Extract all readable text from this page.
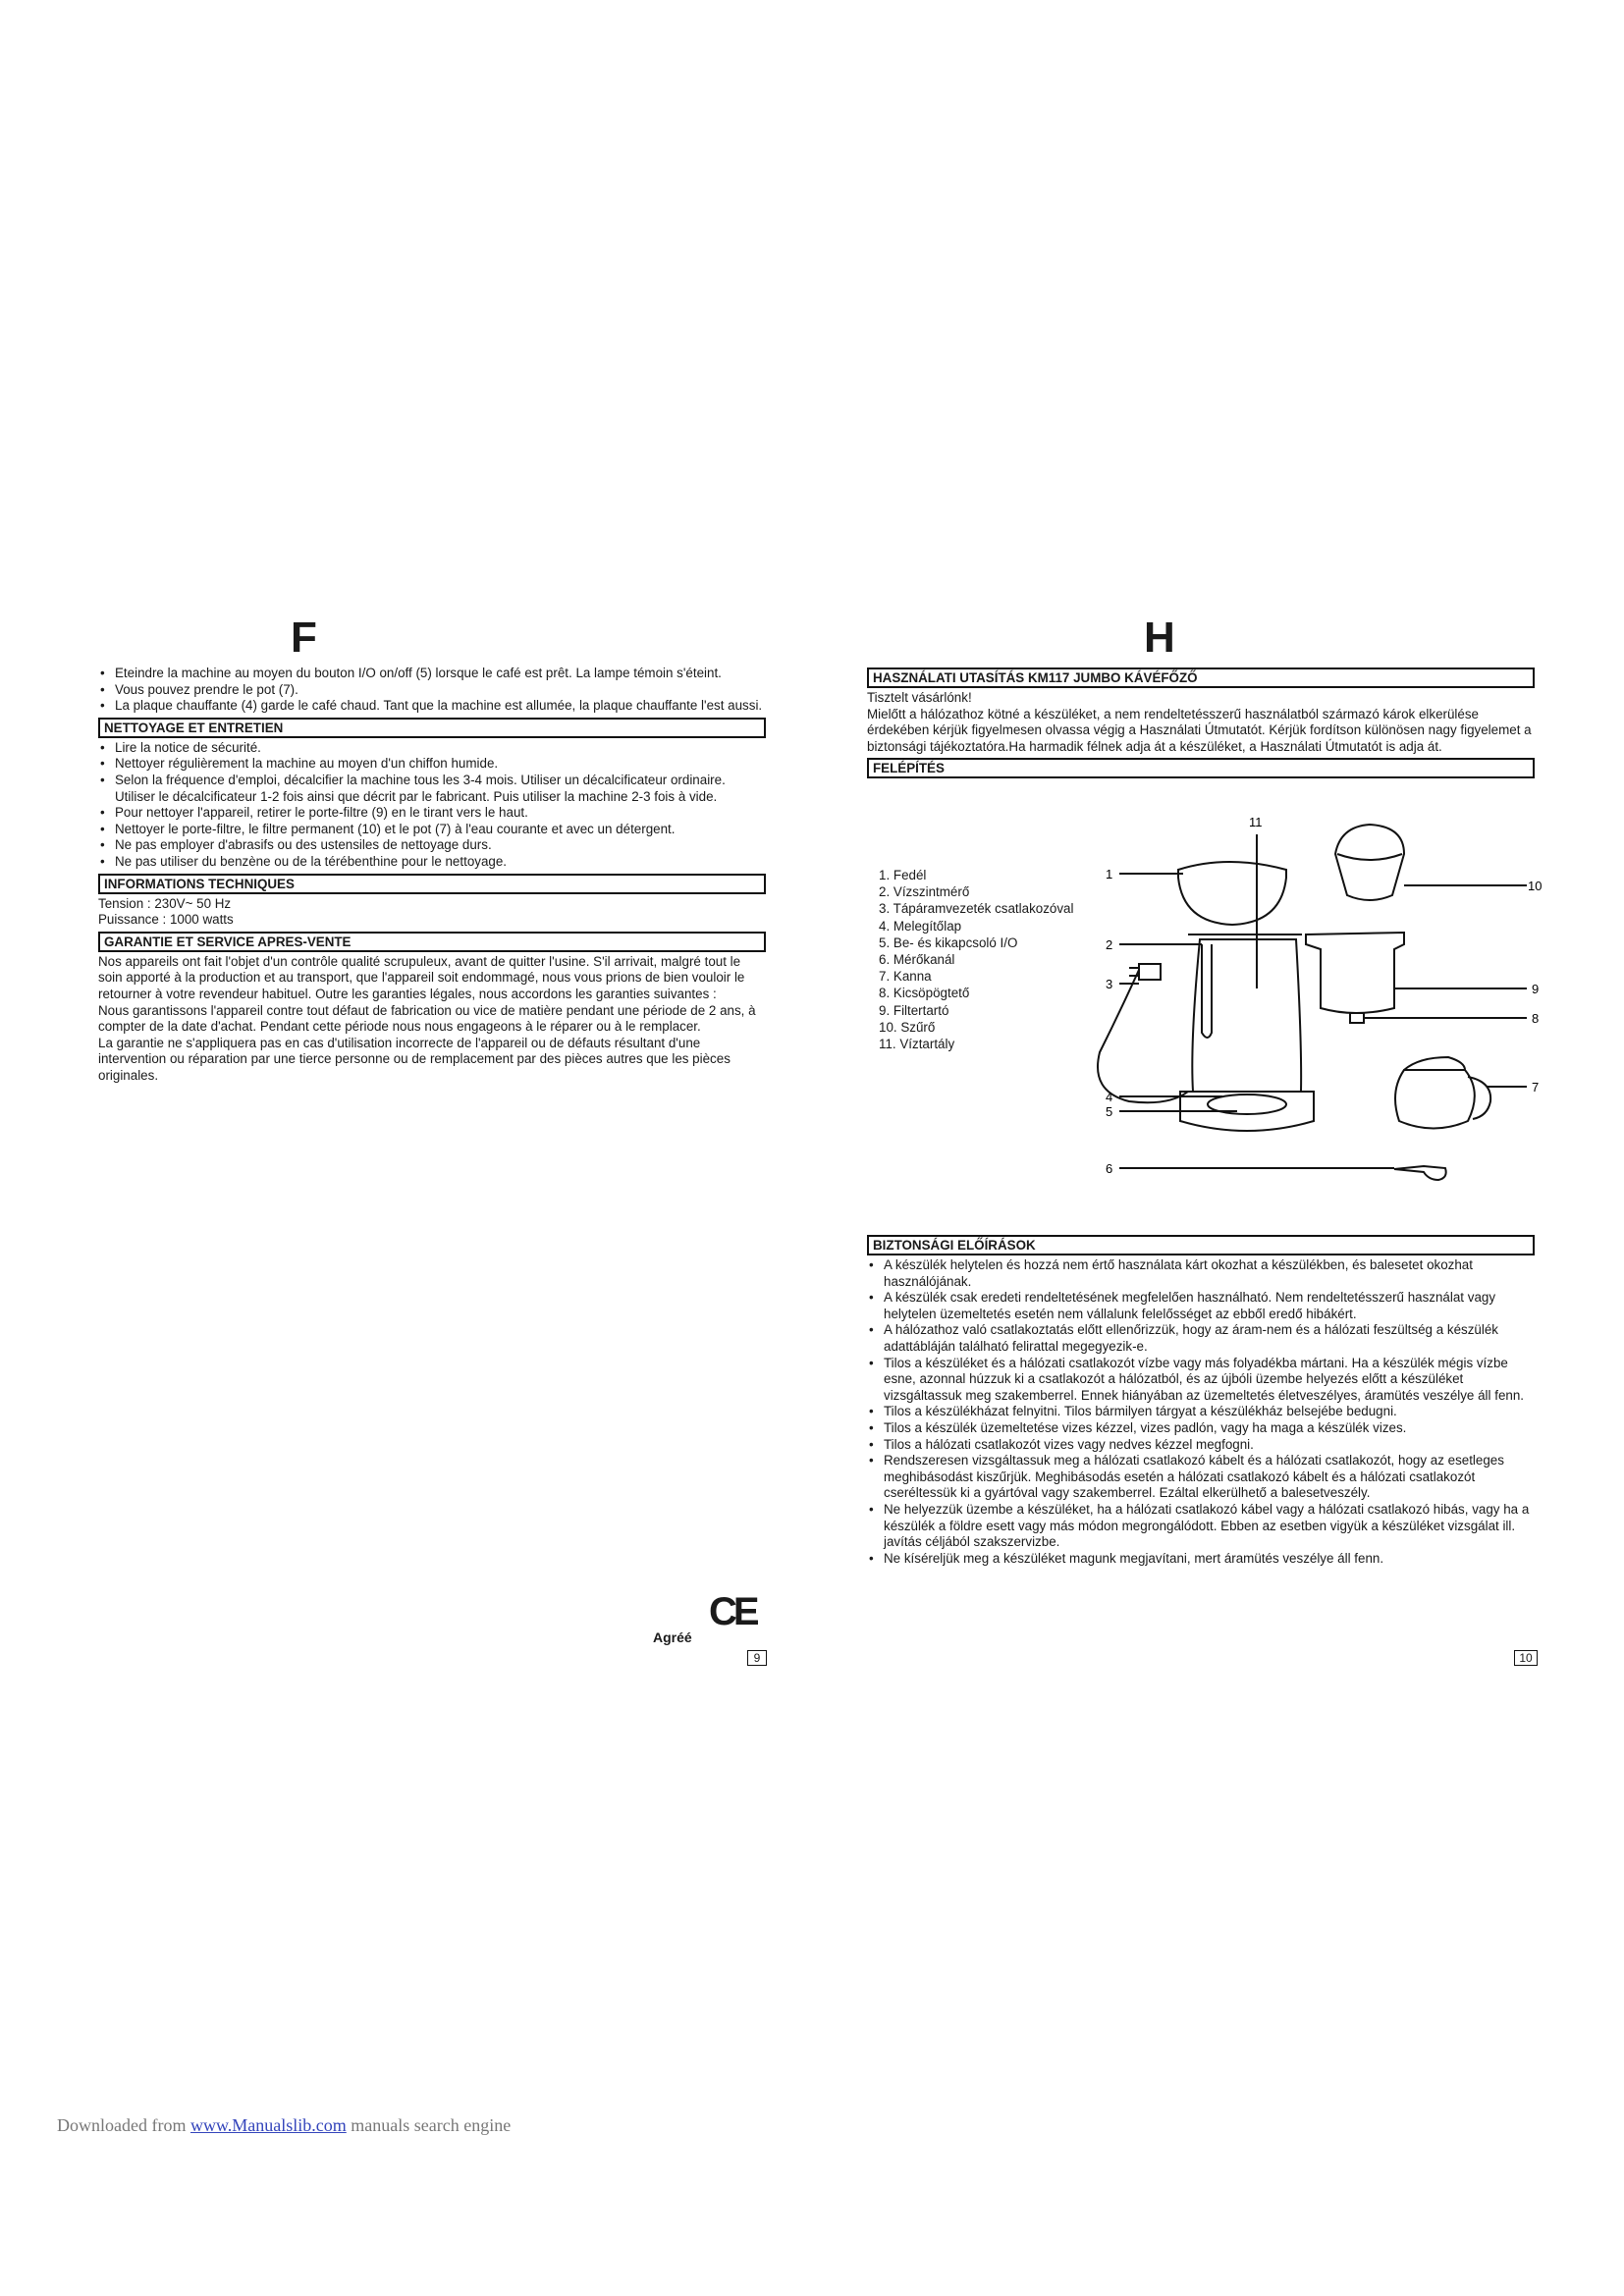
F
• Eteindre la machine au moyen du bouton I/O on/off (5) lorsque le café est prêt. La lampe témoin s'éteint.
• Vous pouvez prendre le pot (7).
• La plaque chauffante (4) garde le café chaud. Tant que la machine est allumée, la plaque chauffante l'est aussi.
NETTOYAGE ET ENTRETIEN
• Lire la notice de sécurité.
• Nettoyer régulièrement la machine au moyen d'un chiffon humide.
• Selon la fréquence d'emploi, décalcifier la machine tous les 3-4 mois. Utiliser un décalcificateur ordinaire. Utiliser le décalcificateur 1-2 fois ainsi que décrit par le fabricant. Puis utiliser la machine 2-3 fois à vide.
• Pour nettoyer l'appareil, retirer le porte-filtre (9) en le tirant vers le haut.
• Nettoyer le porte-filtre, le filtre permanent (10) et le pot (7) à l'eau courante et avec un détergent.
• Ne pas employer d'abrasifs ou des ustensiles de nettoyage durs.
• Ne pas utiliser du benzène ou de la térébenthine pour le nettoyage.
INFORMATIONS TECHNIQUES

Tension : 230V~ 50 Hz

Puissance : 1000 watts

GARANTIE ET SERVICE APRES-VENTE

Nos appareils ont fait l'objet d'un contrôle qualité scrupuleux, avant de quitter l'usine. S'il arrivait, malgré tout le soin apporté à la production et au transport, que l'appareil soit endommagé, nous vous prions de bien vouloir le retourner à votre revendeur habituel. Outre les garanties légales, nous accordons les garanties suivantes :

Nous garantissons l'appareil contre tout défaut de fabrication ou vice de matière pendant une période de 2 ans, à compter de la date d'achat. Pendant cette période nous nous engageons à le réparer ou à le remplacer.

La garantie ne s'appliquera pas en cas d'utilisation incorrecte de l'appareil ou de défauts résultant d'une intervention ou réparation par une tierce personne ou de remplacement par des pièces autres que les pièces originales.

Agréé
CE
9
H
HASZNÁLATI UTASÍTÁS KM117 JUMBO KÁVÉFŐZŐ

Tisztelt vásárlónk!

Mielőtt a hálózathoz kötné a készüléket, a nem rendeltetésszerű használatból származó károk elkerülése érdekében kérjük figyelmesen olvassa végig a Használati Útmutatót. Kérjük fordítson különösen nagy figyelemet a biztonsági tájékoztatóra.Ha harmadik félnek adja át a készüléket, a Használati Útmutatót is adja át.

FELÉPÍTÉS
1. Fedél
2. Vízszintmérő
3. Tápáramvezeték csatlakozóval
4. Melegítőlap
5. Be- és kikapcsoló I/O
6. Mérőkanál
7. Kanna
8. Kicsöpögtető
9. Filtertartó
10. Szűrő
11. Víztartály
1
2
3
4
5
6
7
8
9
10
11
BIZTONSÁGI ELŐÍRÁSOK
• A készülék helytelen és hozzá nem értő használata kárt okozhat a készülékben, és balesetet okozhat használójának.
• A készülék csak eredeti rendeltetésének megfelelően használható. Nem rendeltetésszerű használat vagy helytelen üzemeltetés esetén nem vállalunk felelősséget az ebből eredő hibákért.
• A hálózathoz való csatlakoztatás előtt ellenőrizzük, hogy az áram-nem és a hálózati feszültség a készülék adattábláján található felirattal megegyezik-e.
• Tilos a készüléket és a hálózati csatlakozót vízbe vagy más folyadékba mártani. Ha a készülék mégis vízbe esne, azonnal húzzuk ki a csatlakozót a hálózatból, és az újbóli üzembe helyezés előtt a készüléket vizsgáltassuk meg szakemberrel. Ennek hiányában az üzemeltetés életveszélyes, áramütés veszélye áll fenn.
• Tilos a készülékházat felnyitni. Tilos bármilyen tárgyat a készülékház belsejébe bedugni.
• Tilos a készülék üzemeltetése vizes kézzel, vizes padlón, vagy ha maga a készülék vizes.
• Tilos a hálózati csatlakozót vizes vagy nedves kézzel megfogni.
• Rendszeresen vizsgáltassuk meg a hálózati csatlakozó kábelt és a hálózati csatlakozót, hogy az esetleges meghibásodást kiszűrjük. Meghibásodás esetén a hálózati csatlakozó kábelt és a hálózati csatlakozót cseréltessük ki a gyártóval vagy szakemberrel. Ezáltal elkerülhető a balesetveszély.
• Ne helyezzük üzembe a készüléket, ha a hálózati csatlakozó kábel vagy a hálózati csatlakozó hibás, vagy ha a készülék a földre esett vagy más módon megrongálódott. Ebben az esetben vigyük a készüléket vizsgálat ill. javítás céljából szakszervizbe.
• Ne kíséreljük meg a készüléket magunk megjavítani, mert áramütés veszélye áll fenn.
10
Downloaded from www.Manualslib.com manuals search engine
